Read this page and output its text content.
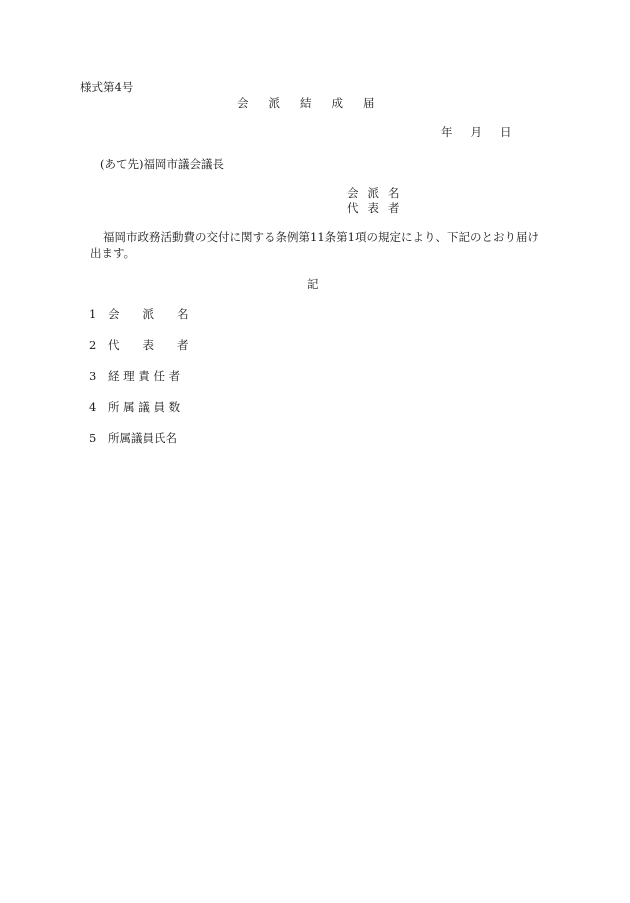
様式第4号
会 派 結 成 届
年 月 日
(あて先)福岡市議会議長
会 派 名
代 表 者
福岡市政務活動費の交付に関する条例第11条第1項の規定により、下記のとおり届け出ます。
記
1	会　　派　　名
2	代　　表　　者
3	経 理 責 任 者
4	所 属 議 員 数
5	所属議員氏名
